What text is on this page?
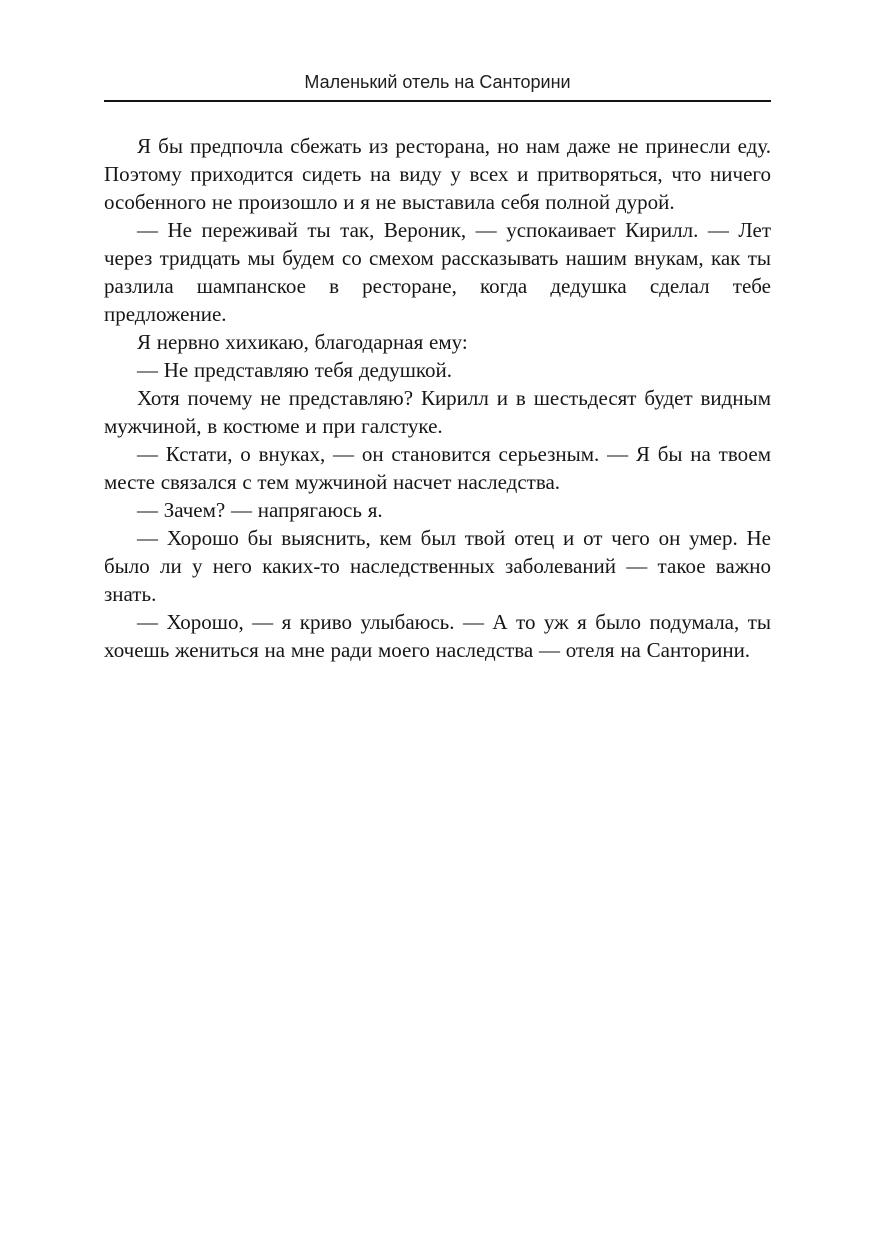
Маленький отель на Санторини

Я бы предпочла сбежать из ресторана, но нам даже не принесли еду. Поэтому приходится сидеть на виду у всех и притворяться, что ничего особенного не произошло и я не выставила себя полной дурой.

— Не переживай ты так, Вероник, — успокаивает Кирилл. — Лет через тридцать мы будем со смехом рассказывать нашим внукам, как ты разлила шампанское в ресторане, когда дедушка сделал тебе предложение.

Я нервно хихикаю, благодарная ему:

— Не представляю тебя дедушкой.

Хотя почему не представляю? Кирилл и в шестьдесят будет видным мужчиной, в костюме и при галстуке.

— Кстати, о внуках, — он становится серьезным. — Я бы на твоем месте связался с тем мужчиной насчет наследства.

— Зачем? — напрягаюсь я.

— Хорошо бы выяснить, кем был твой отец и от чего он умер. Не было ли у него каких-то наследственных заболеваний — такое важно знать.

— Хорошо, — я криво улыбаюсь. — А то уж я было подумала, ты хочешь жениться на мне ради моего наследства — отеля на Санторини.
